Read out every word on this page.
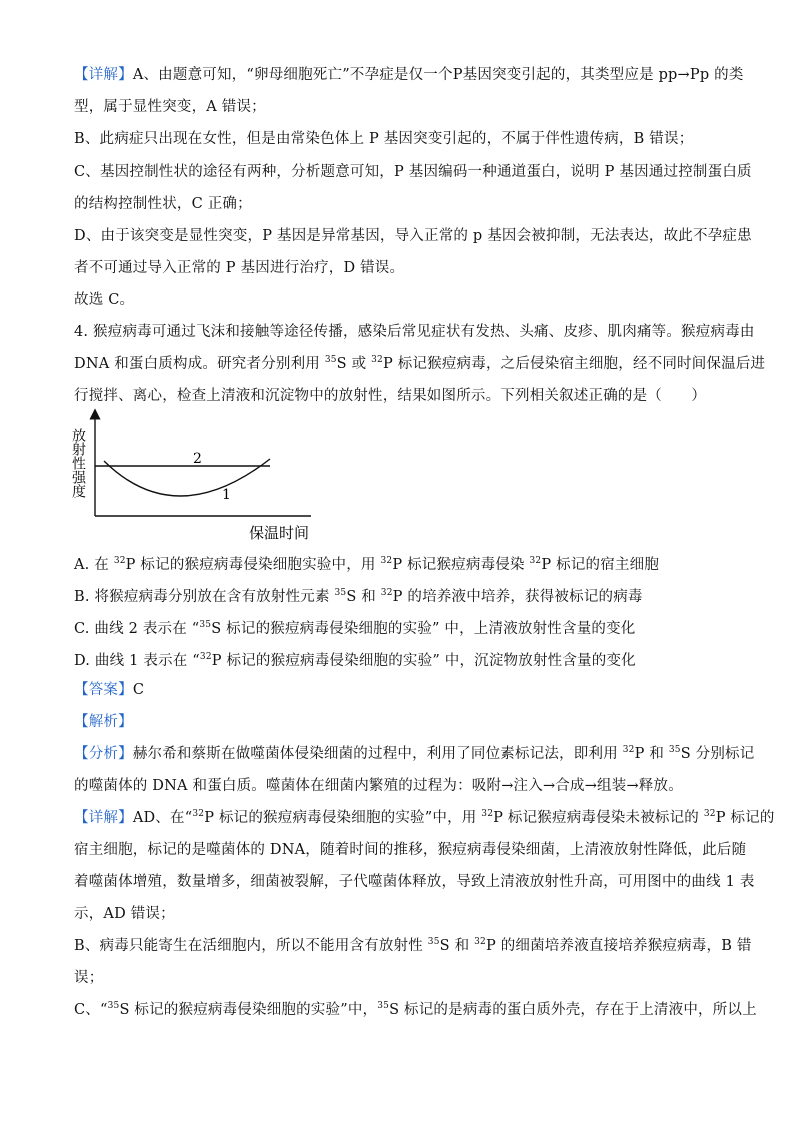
【详解】A、由题意可知，“卵母细胞死亡”不孕症是仅一个P基因突变引起的，其类型应是 pp→Pp 的类
型，属于显性突变，A 错误；
B、此病症只出现在女性，但是由常染色体上 P 基因突变引起的，不属于伴性遗传病，B 错误；
C、基因控制性状的途径有两种，分析题意可知，P 基因编码一种通道蛋白，说明 P 基因通过控制蛋白质
的结构控制性状，C 正确；
D、由于该突变是显性突变，P 基因是异常基因，导入正常的 p 基因会被抑制，无法表达，故此不孕症患
者不可通过导入正常的 P 基因进行治疗，D 错误。
故选 C。
4. 猴痘病毒可通过飞沫和接触等途径传播，感染后常见症状有发热、头痛、皮疹、肌肉痛等。猴痘病毒由
DNA 和蛋白质构成。研究者分别利用 $^{35}$S 或 $^{32}$P 标记猴痘病毒，之后侵染宿主细胞，经不同时间保温后进
行搅拌、离心，检查上清液和沉淀物中的放射性，结果如图所示。下列相关叙述正确的是（　　）
放射性强度	2
1
保温时间
A. 在 $^{32}$P 标记的猴痘病毒侵染细胞实验中，用 $^{32}$P 标记猴痘病毒侵染 $^{32}$P 标记的宿主细胞
B. 将猴痘病毒分别放在含有放射性元素 $^{35}$S 和 $^{32}$P 的培养液中培养，获得被标记的病毒
C. 曲线 2 表示在 “$^{35}$S 标记的猴痘病毒侵染细胞的实验” 中，上清液放射性含量的变化
D. 曲线 1 表示在 “$^{32}$P 标记的猴痘病毒侵染细胞的实验” 中，沉淀物放射性含量的变化
【答案】C
【解析】
【分析】赫尔希和蔡斯在做噬菌体侵染细菌的过程中，利用了同位素标记法，即利用 $^{32}$P 和 $^{35}$S 分别标记
的噬菌体的 DNA 和蛋白质。噬菌体在细菌内繁殖的过程为：吸附→注入→合成→组装→释放。
【详解】AD、在“$^{32}$P 标记的猴痘病毒侵染细胞的实验”中，用 $^{32}$P 标记猴痘病毒侵染未被标记的 $^{32}$P 标记的
宿主细胞，标记的是噬菌体的 DNA，随着时间的推移，猴痘病毒侵染细菌，上清液放射性降低，此后随
着噬菌体增殖，数量增多，细菌被裂解，子代噬菌体释放，导致上清液放射性升高，可用图中的曲线 1 表
示，AD 错误；
B、病毒只能寄生在活细胞内，所以不能用含有放射性 $^{35}$S 和 $^{32}$P 的细菌培养液直接培养猴痘病毒，B 错
误；
C、“$^{35}$S 标记的猴痘病毒侵染细胞的实验”中，$^{35}$S 标记的是病毒的蛋白质外壳，存在于上清液中，所以上
